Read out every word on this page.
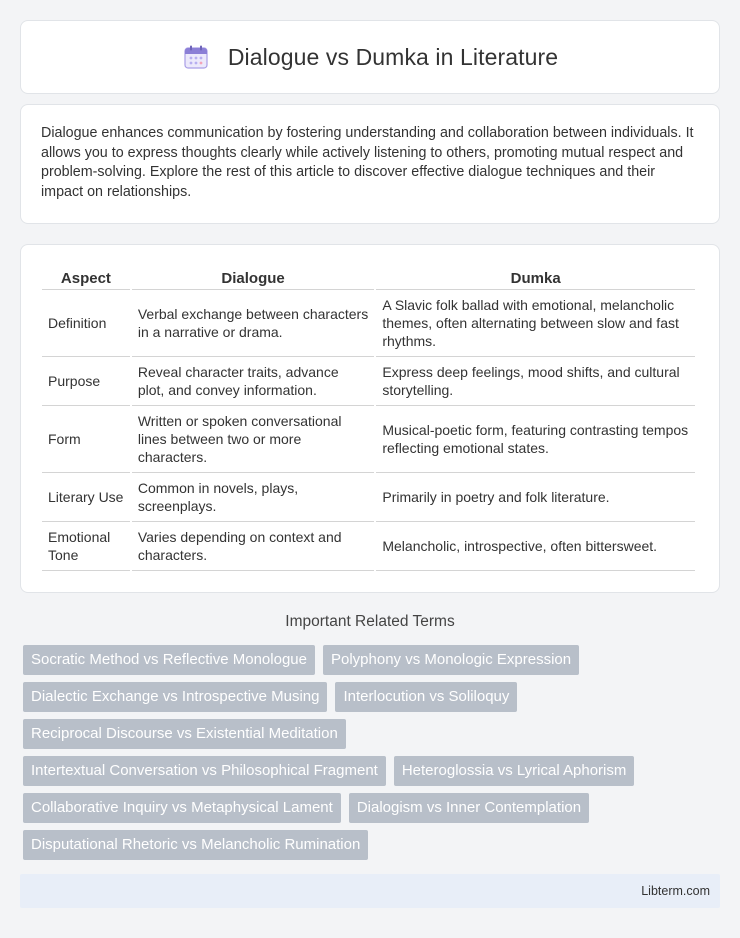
Dialogue vs Dumka in Literature

Dialogue enhances communication by fostering understanding and collaboration between individuals. It allows you to express thoughts clearly while actively listening to others, promoting mutual respect and problem-solving. Explore the rest of this article to discover effective dialogue techniques and their impact on relationships.

Aspect	Dialogue	Dumka
Definition	Verbal exchange between characters in a narrative or drama.	A Slavic folk ballad with emotional, melancholic themes, often alternating between slow and fast rhythms.
Purpose	Reveal character traits, advance plot, and convey information.	Express deep feelings, mood shifts, and cultural storytelling.
Form	Written or spoken conversational lines between two or more characters.	Musical-poetic form, featuring contrasting tempos reflecting emotional states.
Literary Use	Common in novels, plays, screenplays.	Primarily in poetry and folk literature.
Emotional Tone	Varies depending on context and characters.	Melancholic, introspective, often bittersweet.
Important Related Terms
Socratic Method vs Reflective Monologue	Polyphony vs Monologic Expression
Dialectic Exchange vs Introspective Musing	Interlocution vs Soliloquy
Reciprocal Discourse vs Existential Meditation
Intertextual Conversation vs Philosophical Fragment	Heteroglossia vs Lyrical Aphorism
Collaborative Inquiry vs Metaphysical Lament	Dialogism vs Inner Contemplation
Disputational Rhetoric vs Melancholic Rumination
Libterm.com
